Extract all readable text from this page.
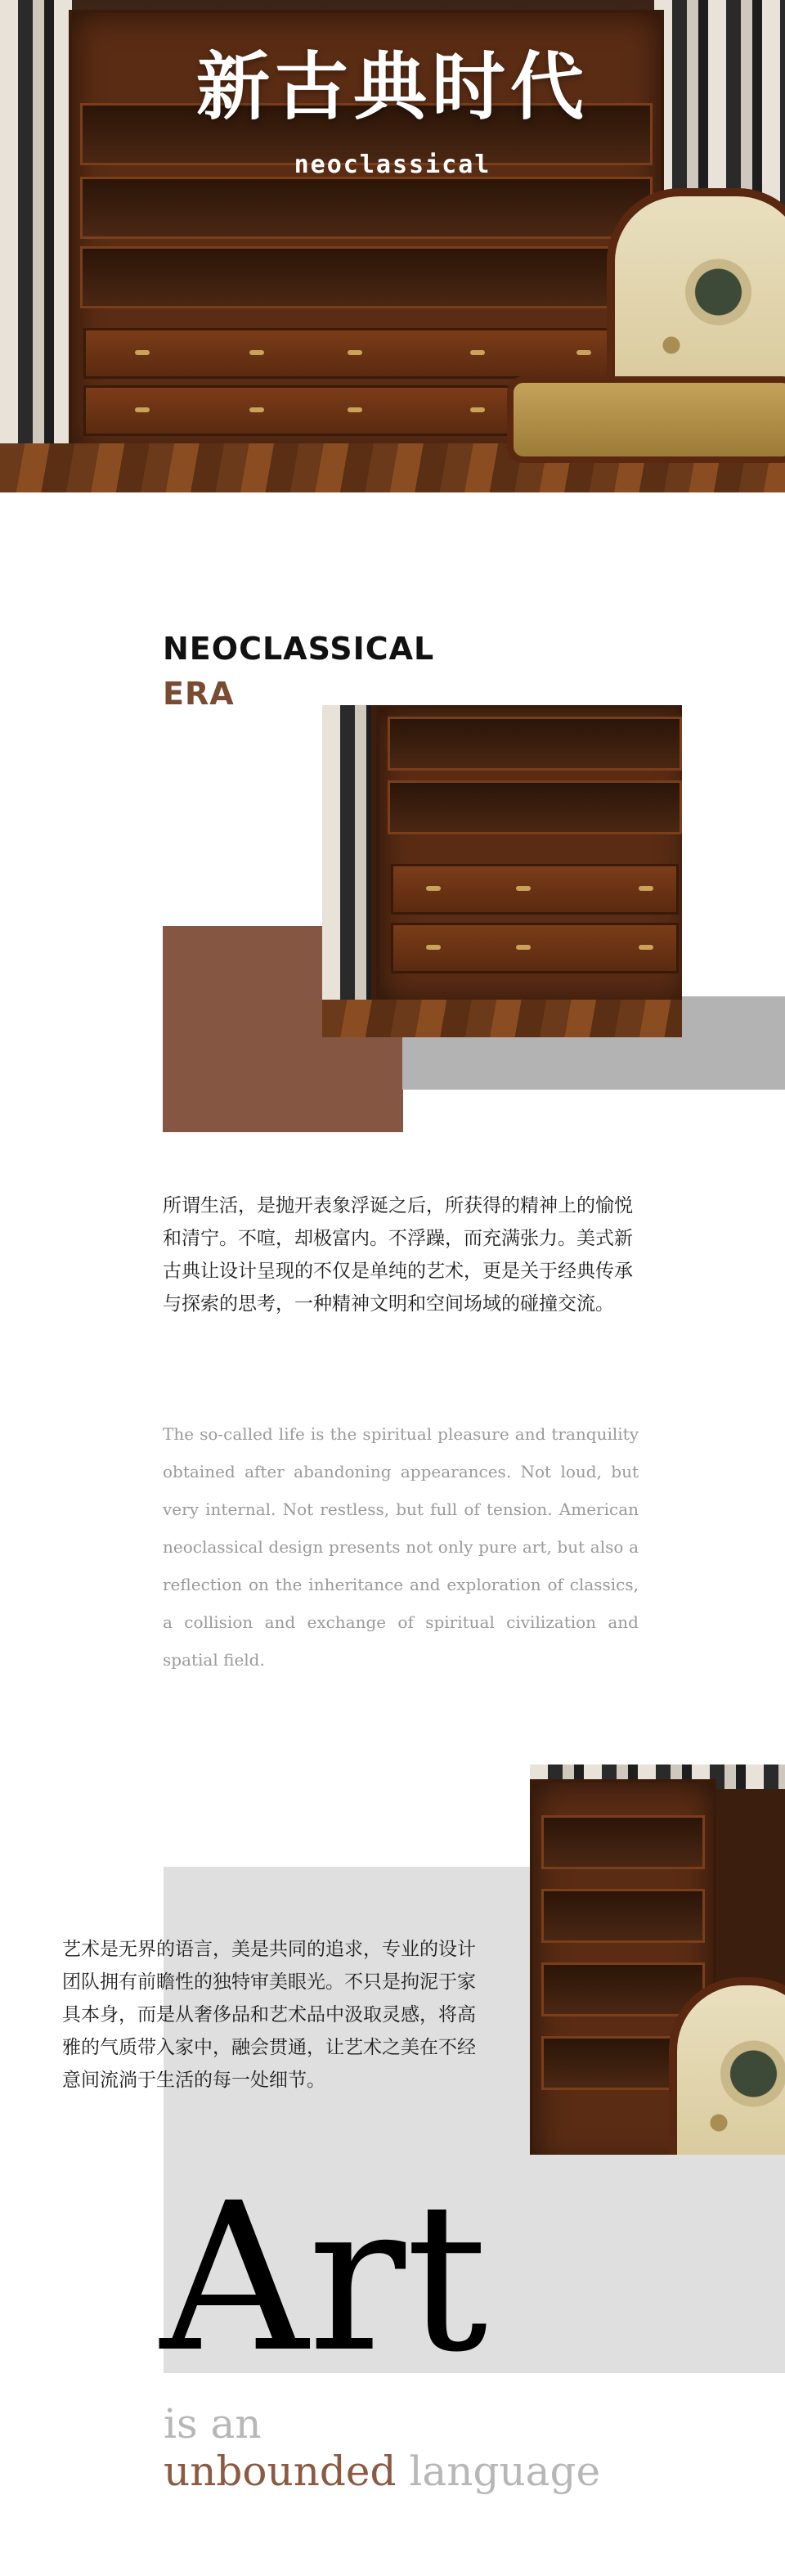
新古典时代
neoclassical
NEOCLASSICAL
ERA
所谓生活，是抛开表象浮诞之后，所获得的精神上的愉悦和清宁。不喧，却极富内。不浮躁，而充满张力。美式新古典让设计呈现的不仅是单纯的艺术，更是关于经典传承与探索的思考，一种精神文明和空间场域的碰撞交流。
The so-called life is the spiritual pleasure and tranquility obtained after abandoning appearances. Not loud, but very internal. Not restless, but full of tension. American neoclassical design presents not only pure art, but also a reflection on the inheritance and exploration of classics, a collision and exchange of spiritual civilization and spatial field.
艺术是无界的语言，美是共同的追求，专业的设计团队拥有前瞻性的独特审美眼光。不只是拘泥于家具本身，而是从奢侈品和艺术品中汲取灵感，将高雅的气质带入家中，融会贯通，让艺术之美在不经意间流淌于生活的每一处细节。
Art
is an
unbounded language
